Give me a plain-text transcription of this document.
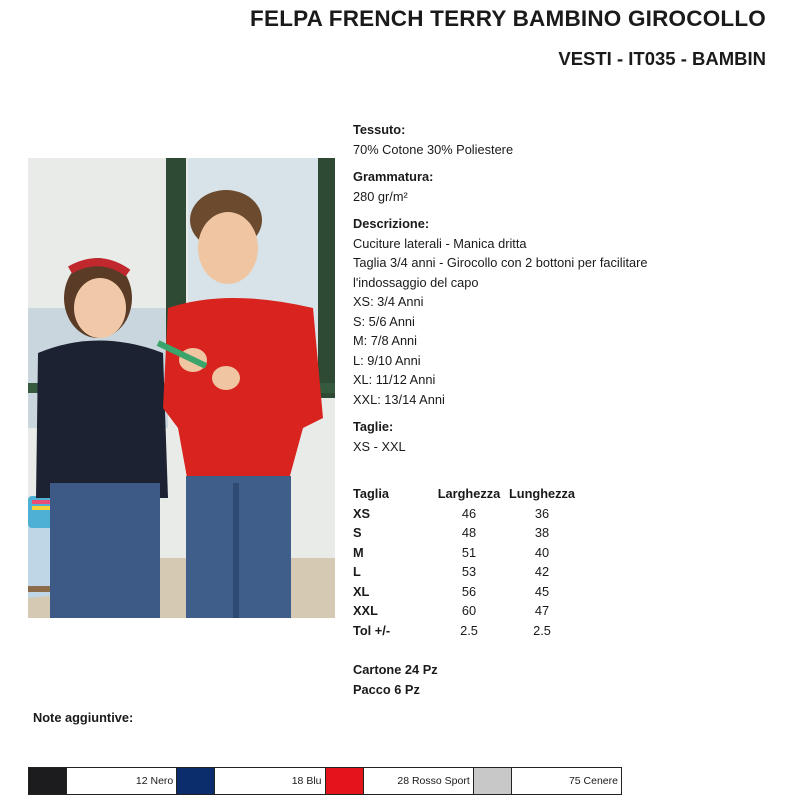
FELPA FRENCH TERRY BAMBINO GIROCOLLO
VESTI - IT035 - BAMBIN
Tessuto:
70% Cotone 30% Poliestere
Grammatura:
280 gr/m²
Descrizione:
Cuciture laterali - Manica dritta
Taglia 3/4 anni - Girocollo con 2 bottoni per facilitare
l'indossaggio del capo
XS: 3/4 Anni
S: 5/6 Anni
M: 7/8 Anni
L: 9/10 Anni
XL: 11/12 Anni
XXL: 13/14 Anni
Taglie:
XS - XXL
Taglia	Larghezza	Lunghezza
XS	46	36
S	48	38
M	51	40
L	53	42
XL	56	45
XXL	60	47
Tol +/-	2.5	2.5
Cartone 24 Pz
Pacco 6 Pz
Note aggiuntive:
12 Nero	18 Blu	28 Rosso Sport	75 Cenere
